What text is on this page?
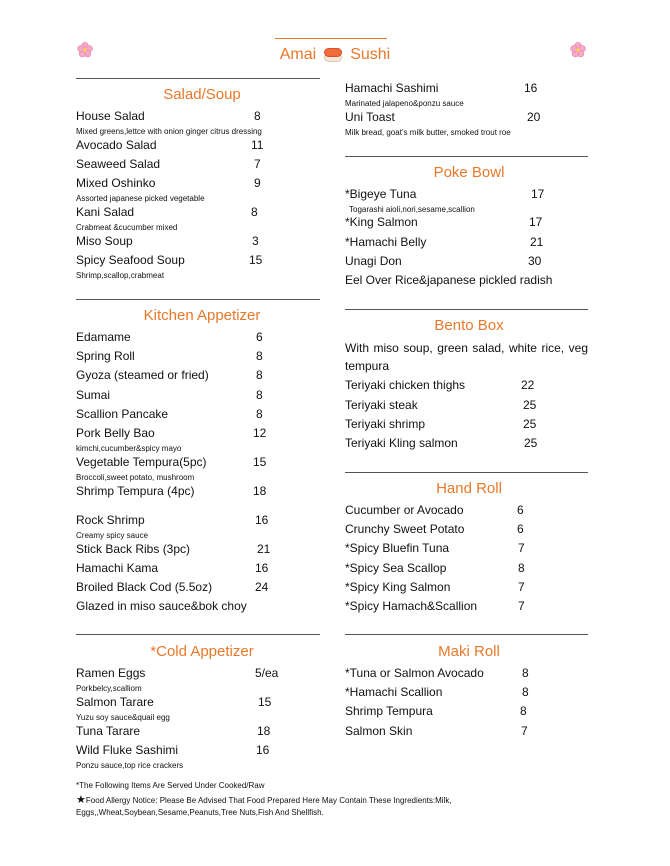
Amai Sushi
Salad/Soup
House Salad	8
Mixed greens,lettce with onion ginger citrus dressing
Avocado Salad	11
Seaweed Salad	7
Mixed Oshinko	9
Assorted japanese picked vegetable
Kani Salad	8
Crabmeat &cucumber mixed
Miso Soup	3
Spicy Seafood Soup	15
Shrimp,scallop,crabmeat
Kitchen Appetizer
Edamame	6
Spring Roll	8
Gyoza (steamed or fried)	8
Sumai	8
Scallion Pancake	8
Pork Belly Bao	12
kimchi,cucumber&spicy mayo
Vegetable Tempura(5pc)	15
Broccoli,sweet potato, mushroom
Shrimp Tempura (4pc)	18
Rock Shrimp	16
Creamy spicy sauce
Stick Back Ribs (3pc)	21
Hamachi Kama	16
Broiled Black Cod (5.5oz)	24
Glazed in miso sauce&bok choy
*Cold Appetizer
Ramen Eggs	5/ea
Porkbelcy,scalliom
Salmon Tarare	15
Yuzu soy sauce&quail egg
Tuna Tarare	18
Wild Fluke Sashimi	16
Ponzu sauce,top rice crackers
Hamachi Sashimi	16
Marinated jalapeno&ponzu sauce
Uni Toast	20
Milk bread, goat’s milk butter, smoked trout roe
Poke Bowl
*Bigeye Tuna	17
Togarashi aioli,nori,sesame,scallion
*King Salmon	17
*Hamachi Belly	21
Unagi Don	30
Eel Over Rice&japanese pickled radish
Bento Box
With miso soup, green salad, white rice, veg tempura
Teriyaki chicken thighs	22
Teriyaki steak	25
Teriyaki shrimp	25
Teriyaki Kling salmon	25
Hand Roll
Cucumber or Avocado	6
Crunchy Sweet Potato	6
*Spicy Bluefin Tuna	7
*Spicy Sea Scallop	8
*Spicy King Salmon	7
*Spicy Hamach&Scallion	7
Maki Roll
*Tuna or Salmon Avocado	8
*Hamachi Scallion	8
Shrimp Tempura	8
Salmon Skin	7
*The Following Items Are Served Under Cooked/Raw
★Food Allergy Notice: Please Be Advised That Food Prepared Here May Contain These Ingredients:Milk, Eggs,,Wheat,Soybean,Sesame,Peanuts,Tree Nuts,Fish And Shellfish.
